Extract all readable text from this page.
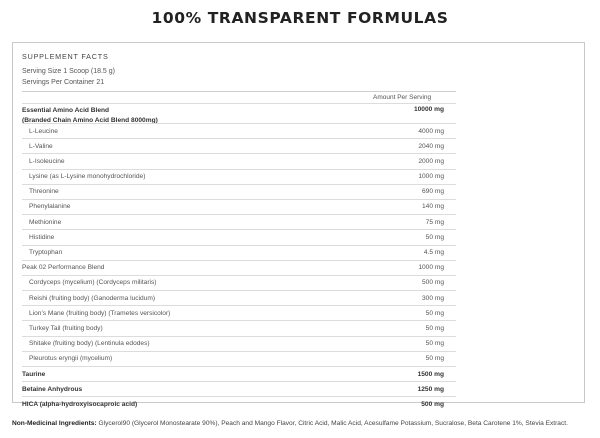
100% TRANSPARENT FORMULAS
SUPPLEMENT FACTS
Serving Size 1 Scoop (18.5 g)
Servings Per Container 21
Amount Per Serving
Essential Amino Acid Blend
(Branded Chain Amino Acid Blend 8000mg)
10000 mg
L-Leucine	4000 mg
L-Valine	2040 mg
L-Isoleucine	2000 mg
Lysine (as L-Lysine monohydrochloride)	1000 mg
Threonine	690 mg
Phenylalanine	140 mg
Methionine	75 mg
Histidine	50 mg
Tryptophan	4.5 mg
Peak 02 Performance Blend	1000 mg
Cordyceps (mycelium) (Cordyceps militaris)	500 mg
Reishi (fruiting body) (Ganoderma lucidum)	300 mg
Lion's Mane (fruiting body) (Trametes versicolor)	50 mg
Turkey Tail (fruiting body)	50 mg
Shitake (fruiting body) (Lentinula edodes)	50 mg
Pleurotus eryngii (mycelium)	50 mg
Taurine	1500 mg
Betaine Anhydrous	1250 mg
HICA (alpha-hydroxyisocaproic acid)	500 mg
Non-Medicinal Ingredients: Glycerol90 (Glycerol Monostearate 90%), Peach and Mango Flavor, Citric Acid, Malic Acid, Acesulfame Potassium, Sucralose, Beta Carotene 1%, Stevia Extract.
